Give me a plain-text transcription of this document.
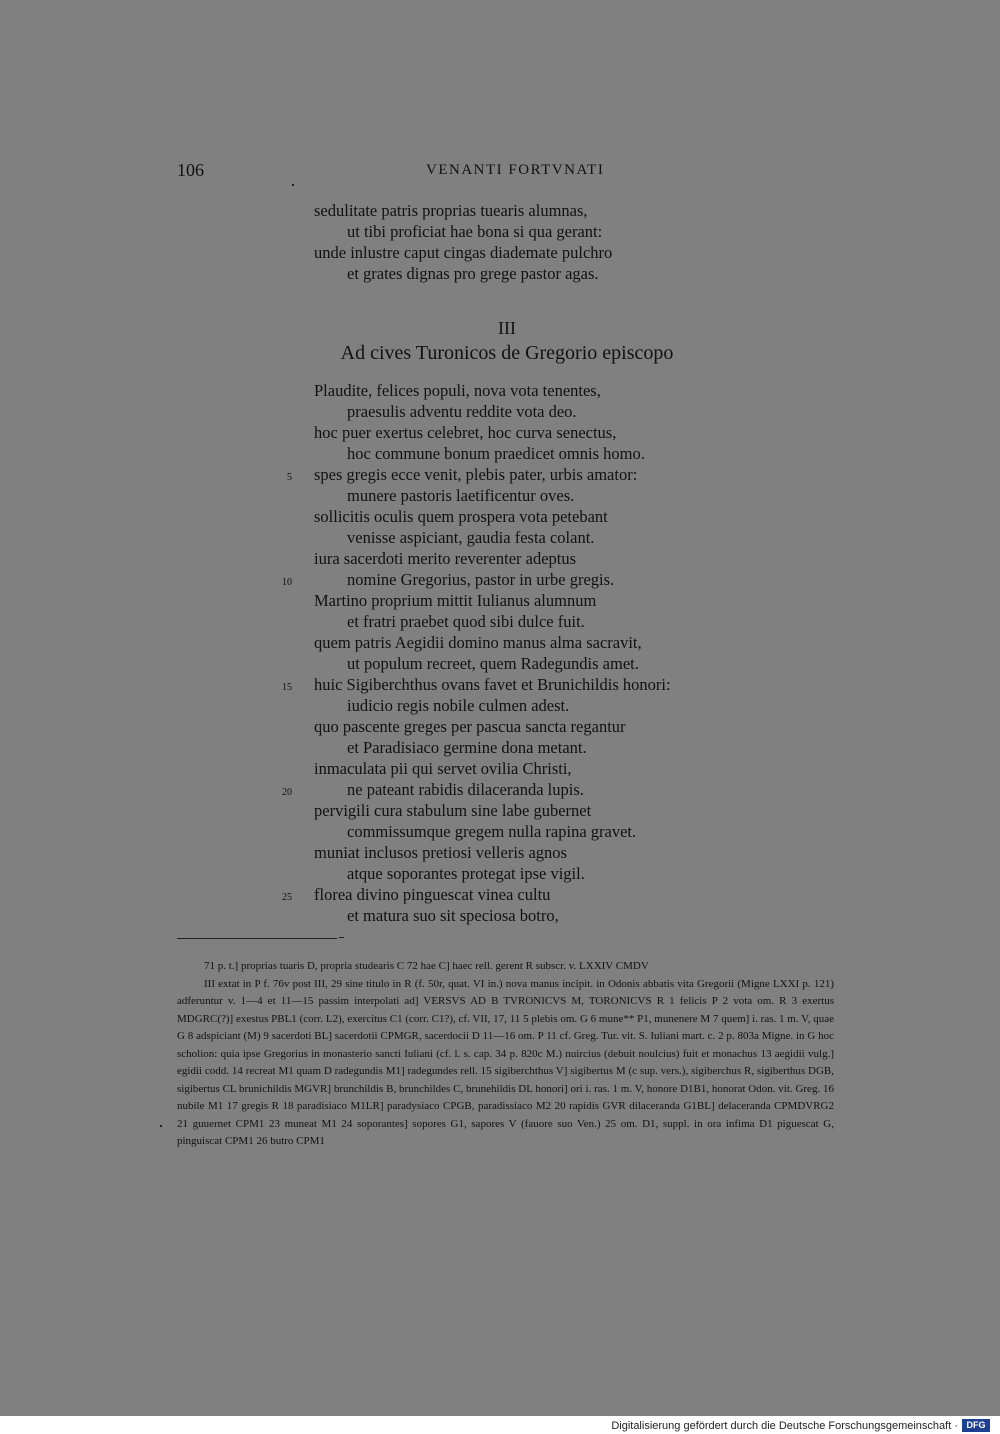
106	VENANTI FORTVNATI
sedulitate patris proprias tuearis alumnas,
ut tibi proficiat hae bona si qua gerant:
unde inlustre caput cingas diademate pulchro
et grates dignas pro grege pastor agas.
III
Ad cives Turonicos de Gregorio episcopo
Plaudite, felices populi, nova vota tenentes,
praesulis adventu reddite vota deo.
hoc puer exertus celebret, hoc curva senectus,
hoc commune bonum praedicet omnis homo.
5 spes gregis ecce venit, plebis pater, urbis amator:
munere pastoris laetificentur oves.
sollicitis oculis quem prospera vota petebant
venisse aspiciant, gaudia festa colant.
iura sacerdoti merito reverenter adeptus
10	nomine Gregorius, pastor in urbe gregis.
Martino proprium mittit Iulianus alumnum
et fratri praebet quod sibi dulce fuit.
quem patris Aegidii domino manus alma sacravit,
ut populum recreet, quem Radegundis amet.
15 huic Sigiberchthus ovans favet et Brunichildis honori:
iudicio regis nobile culmen adest.
quo pascente greges per pascua sancta regantur
et Paradisiaco germine dona metant.
inmaculata pii qui servet ovilia Christi,
20	ne pateant rabidis dilaceranda lupis.
pervigili cura stabulum sine labe gubernet
commissumque gregem nulla rapina gravet.
muniat inclusos pretiosi velleris agnos
atque soporantes protegat ipse vigil.
25 florea divino pinguescat vinea cultu
et matura suo sit speciosa botro,

71 p. t.] proprias tuaris D, propria studearis C 72 hae C] haec rell. gerent R subscr. v. LXXIV CMDV

III extat in P f. 76v post III, 29 sine titulo in R (f. 50r, quat. VI in.) nova manus incipit. in Odonis abbatis vita Gregorii (Migne LXXI p. 121) adferuntur v. 1—4 et 11—15 passim interpolati ad] VERSVS AD B TVRONICVS M, TORONICVS R 1 felicis P 2 vota om. R 3 exertus MDGRC(?)] exestus PBL1 (corr. L2), exercitus C1 (corr. C1?), cf. VII, 17, 11 5 plebis om. G 6 mune** P1, munenere M 7 quem] i. ras. 1 m. V, quae G 8 adspiciant (M) 9 sacerdoti BL] sacerdotii CPMGR, sacerdocii D 11—16 om. P 11 cf. Greg. Tur. vit. S. Iuliani mart. c. 2 p. 803a Migne. in G hoc scholion: quia ipse Gregorius in monasterio sancti Iuliani (cf. l. s. cap. 34 p. 820c M.) nuircius (debuit noulcius) fuit et monachus 13 aegidii vulg.] egidii codd. 14 recreat M1 quam D radegundis M1] radegundes rell. 15 sigiberchthus V] sigibertus M (c sup. vers.), sigiberchus R, sigiberthus DGB, sigibertus CL brunichildis MGVR] brunchildis B, brunchildes C, brunehildis DL honori] ori i. ras. 1 m. V, honore D1B1, honorat Odon. vit. Greg. 16 nubile M1 17 gregis R 18 paradisiaco M1LR] paradysiaco CPGB, paradissiaco M2 20 rapidis GVR dilaceranda G1BL] delaceranda CPMDVRG2 21 guuernet CPM1 23 muneat M1 24 soporantes] sopores G1, sapores V (fauore suo Ven.) 25 om. D1, suppl. in ora infima D1 piguescat G, pinguiscat CPM1 26 butro CPM1

Digitalisierung gefördert durch die Deutsche Forschungsgemeinschaft · DFG
